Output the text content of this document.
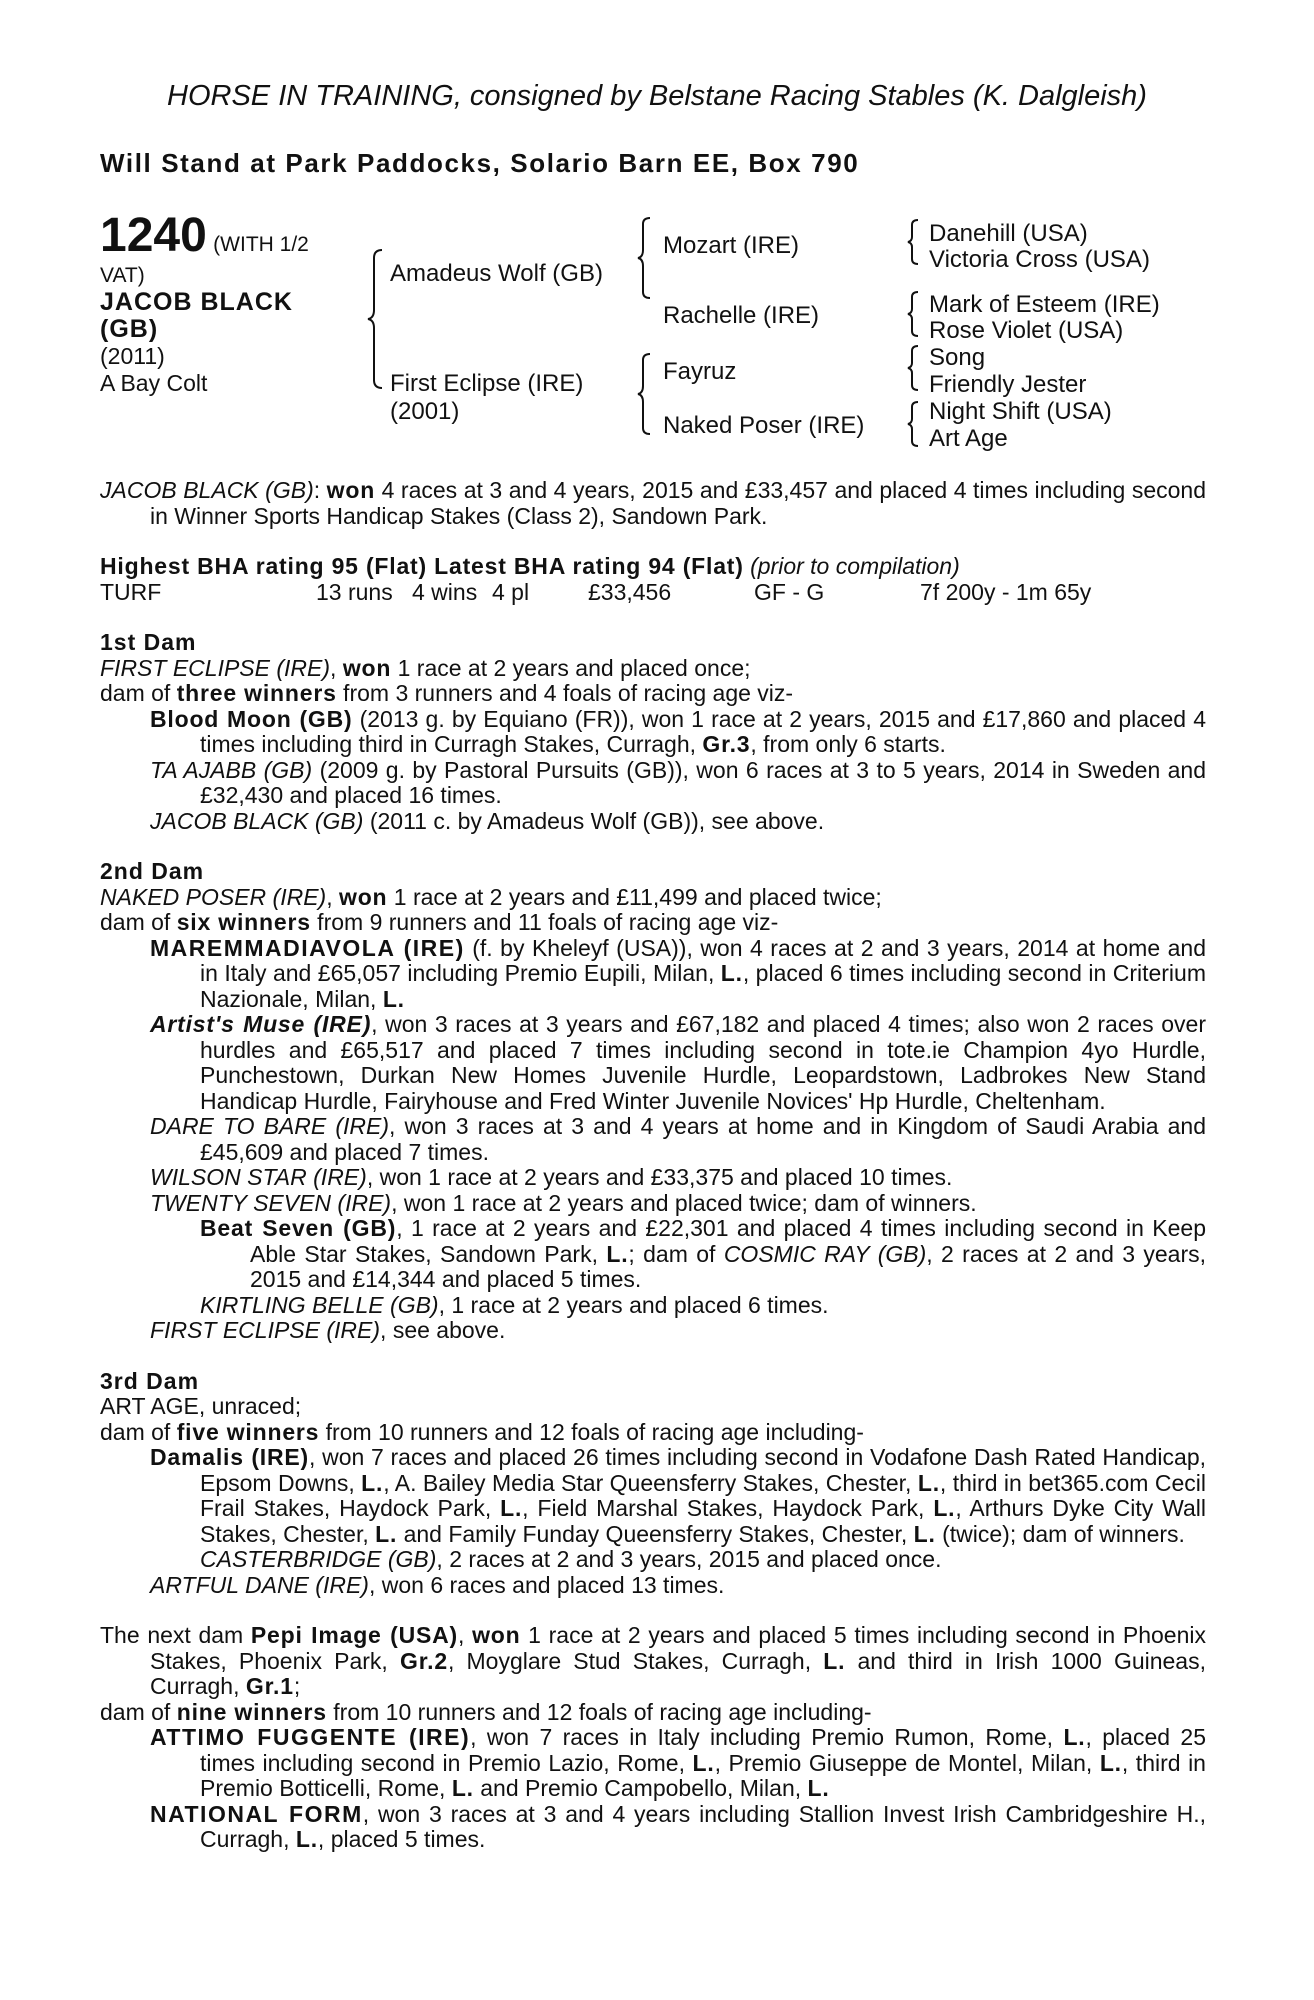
HORSE IN TRAINING, consigned by Belstane Racing Stables (K. Dalgleish)
Will Stand at Park Paddocks, Solario Barn EE, Box 790
1240 (WITH 1/2
VAT)
JACOB BLACK
(GB)
(2011)
A Bay Colt
Amadeus Wolf (GB)
First Eclipse (IRE)
(2001)
Mozart (IRE)
Rachelle (IRE)
Fayruz
Naked Poser (IRE)
Danehill (USA)
Victoria Cross (USA)
Mark of Esteem (IRE)
Rose Violet (USA)
Song
Friendly Jester
Night Shift (USA)
Art Age

JACOB BLACK (GB): won 4 races at 3 and 4 years, 2015 and £33,457 and placed 4 times including second in Winner Sports Handicap Stakes (Class 2), Sandown Park.

Highest BHA rating 95 (Flat) Latest BHA rating 94 (Flat) (prior to compilation)

TURF	13 runs 4 wins 4 pl	£33,456	GF - G	7f 200y - 1m 65y

1st Dam

FIRST ECLIPSE (IRE), won 1 race at 2 years and placed once;

dam of three winners from 3 runners and 4 foals of racing age viz-

Blood Moon (GB) (2013 g. by Equiano (FR)), won 1 race at 2 years, 2015 and £17,860 and placed 4 times including third in Curragh Stakes, Curragh, Gr.3, from only 6 starts.

TA AJABB (GB) (2009 g. by Pastoral Pursuits (GB)), won 6 races at 3 to 5 years, 2014 in Sweden and £32,430 and placed 16 times.

JACOB BLACK (GB) (2011 c. by Amadeus Wolf (GB)), see above.

2nd Dam

NAKED POSER (IRE), won 1 race at 2 years and £11,499 and placed twice;

dam of six winners from 9 runners and 11 foals of racing age viz-

MAREMMADIAVOLA (IRE) (f. by Kheleyf (USA)), won 4 races at 2 and 3 years, 2014 at home and in Italy and £65,057 including Premio Eupili, Milan, L., placed 6 times including second in Criterium Nazionale, Milan, L.

Artist's Muse (IRE), won 3 races at 3 years and £67,182 and placed 4 times; also won 2 races over hurdles and £65,517 and placed 7 times including second in tote.ie Champion 4yo Hurdle, Punchestown, Durkan New Homes Juvenile Hurdle, Leopardstown, Ladbrokes New Stand Handicap Hurdle, Fairyhouse and Fred Winter Juvenile Novices' Hp Hurdle, Cheltenham.

DARE TO BARE (IRE), won 3 races at 3 and 4 years at home and in Kingdom of Saudi Arabia and £45,609 and placed 7 times.

WILSON STAR (IRE), won 1 race at 2 years and £33,375 and placed 10 times.

TWENTY SEVEN (IRE), won 1 race at 2 years and placed twice; dam of winners.

Beat Seven (GB), 1 race at 2 years and £22,301 and placed 4 times including second in Keep Able Star Stakes, Sandown Park, L.; dam of COSMIC RAY (GB), 2 races at 2 and 3 years, 2015 and £14,344 and placed 5 times.

KIRTLING BELLE (GB), 1 race at 2 years and placed 6 times.

FIRST ECLIPSE (IRE), see above.

3rd Dam

ART AGE, unraced;

dam of five winners from 10 runners and 12 foals of racing age including-

Damalis (IRE), won 7 races and placed 26 times including second in Vodafone Dash Rated Handicap, Epsom Downs, L., A. Bailey Media Star Queensferry Stakes, Chester, L., third in bet365.com Cecil Frail Stakes, Haydock Park, L., Field Marshal Stakes, Haydock Park, L., Arthurs Dyke City Wall Stakes, Chester, L. and Family Funday Queensferry Stakes, Chester, L. (twice); dam of winners.

CASTERBRIDGE (GB), 2 races at 2 and 3 years, 2015 and placed once.

ARTFUL DANE (IRE), won 6 races and placed 13 times.

The next dam Pepi Image (USA), won 1 race at 2 years and placed 5 times including second in Phoenix Stakes, Phoenix Park, Gr.2, Moyglare Stud Stakes, Curragh, L. and third in Irish 1000 Guineas, Curragh, Gr.1;

dam of nine winners from 10 runners and 12 foals of racing age including-

ATTIMO FUGGENTE (IRE), won 7 races in Italy including Premio Rumon, Rome, L., placed 25 times including second in Premio Lazio, Rome, L., Premio Giuseppe de Montel, Milan, L., third in Premio Botticelli, Rome, L. and Premio Campobello, Milan, L.

NATIONAL FORM, won 3 races at 3 and 4 years including Stallion Invest Irish Cambridgeshire H., Curragh, L., placed 5 times.
